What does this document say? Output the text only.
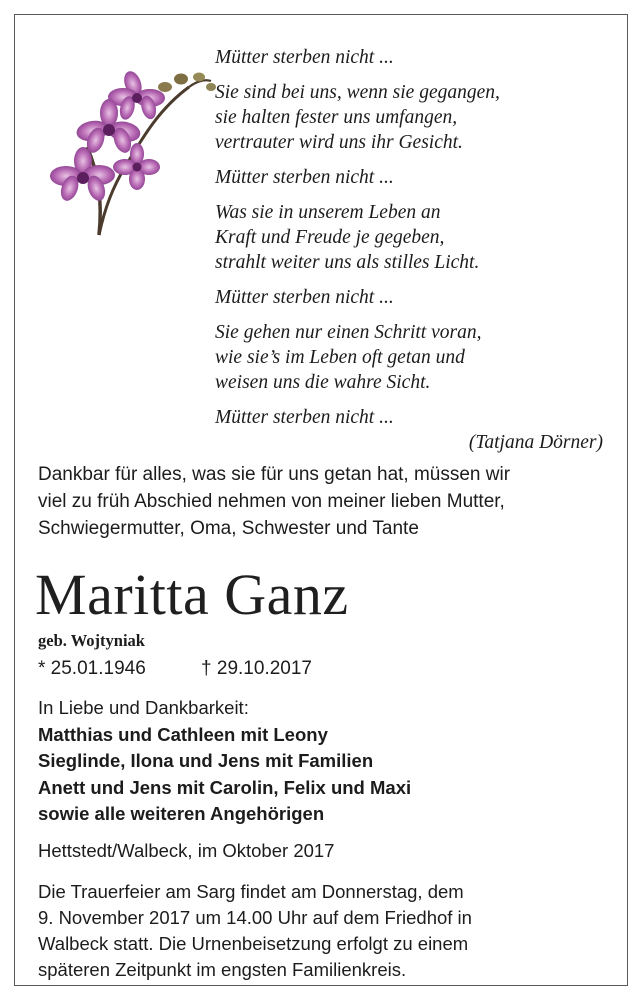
Mütter sterben nicht ...
Sie sind bei uns, wenn sie gegangen,
sie halten fester uns umfangen,
vertrauter wird uns ihr Gesicht.
Mütter sterben nicht ...
Was sie in unserem Leben an
Kraft und Freude je gegeben,
strahlt weiter uns als stilles Licht.
Mütter sterben nicht ...
Sie gehen nur einen Schritt voran,
wie sie’s im Leben oft getan und
weisen uns die wahre Sicht.
Mütter sterben nicht ...
(Tatjana Dörner)
Dankbar für alles, was sie für uns getan hat, müssen wir
viel zu früh Abschied nehmen von meiner lieben Mutter,
Schwiegermutter, Oma, Schwester und Tante
Maritta Ganz
geb. Wojtyniak
* 25.01.1946	† 29.10.2017
In Liebe und Dankbarkeit:
Matthias und Cathleen mit Leony
Sieglinde, Ilona und Jens mit Familien
Anett und Jens mit Carolin, Felix und Maxi
sowie alle weiteren Angehörigen
Hettstedt/Walbeck, im Oktober 2017
Die Trauerfeier am Sarg findet am Donnerstag, dem
9. November 2017 um 14.00 Uhr auf dem Friedhof in
Walbeck statt. Die Urnenbeisetzung erfolgt zu einem
späteren Zeitpunkt im engsten Familienkreis.
